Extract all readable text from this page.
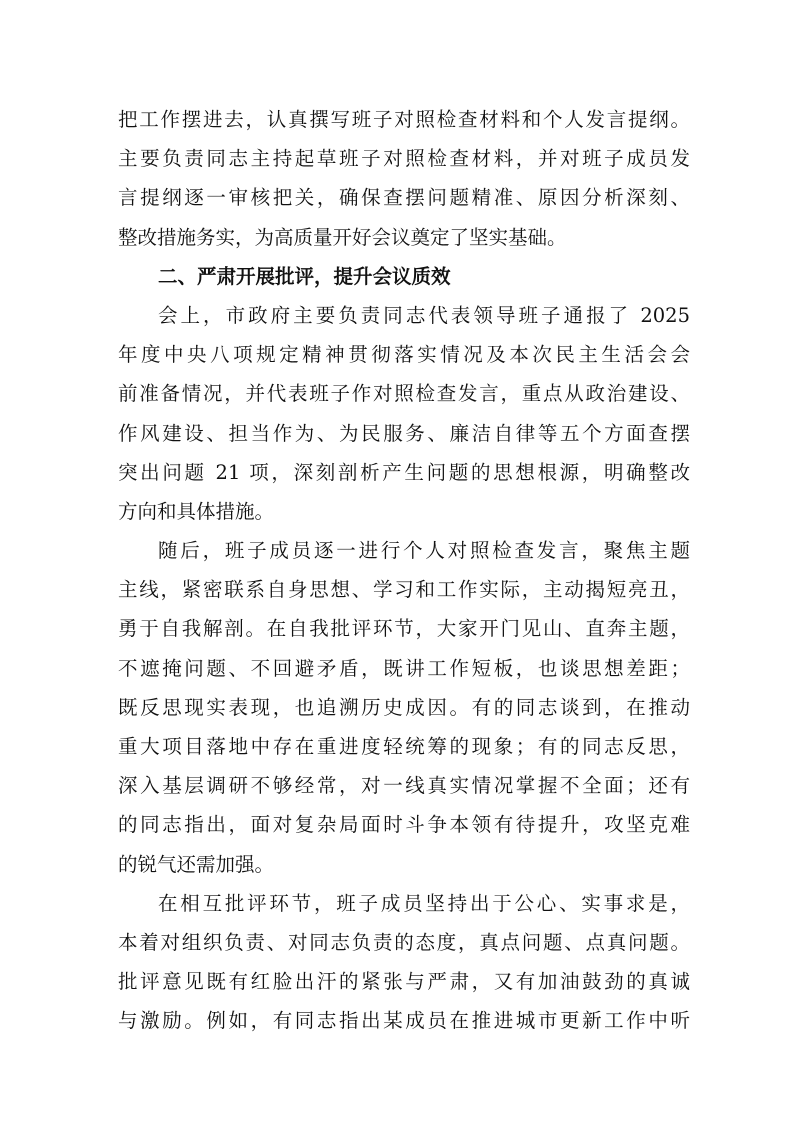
把工作摆进去，认真撰写班子对照检查材料和个人发言提纲。
主要负责同志主持起草班子对照检查材料，并对班子成员发
言提纲逐一审核把关，确保查摆问题精准、原因分析深刻、
整改措施务实，为高质量开好会议奠定了坚实基础。
二、严肃开展批评，提升会议质效
会上，市政府主要负责同志代表领导班子通报了 2025
年度中央八项规定精神贯彻落实情况及本次民主生活会会
前准备情况，并代表班子作对照检查发言，重点从政治建设、
作风建设、担当作为、为民服务、廉洁自律等五个方面查摆
突出问题 21 项，深刻剖析产生问题的思想根源，明确整改
方向和具体措施。
随后，班子成员逐一进行个人对照检查发言，聚焦主题
主线，紧密联系自身思想、学习和工作实际，主动揭短亮丑，
勇于自我解剖。在自我批评环节，大家开门见山、直奔主题，
不遮掩问题、不回避矛盾，既讲工作短板，也谈思想差距；
既反思现实表现，也追溯历史成因。有的同志谈到，在推动
重大项目落地中存在重进度轻统筹的现象；有的同志反思，
深入基层调研不够经常，对一线真实情况掌握不全面；还有
的同志指出，面对复杂局面时斗争本领有待提升，攻坚克难
的锐气还需加强。
在相互批评环节，班子成员坚持出于公心、实事求是，
本着对组织负责、对同志负责的态度，真点问题、点真问题。
批评意见既有红脸出汗的紧张与严肃，又有加油鼓劲的真诚
与激励。例如，有同志指出某成员在推进城市更新工作中听
